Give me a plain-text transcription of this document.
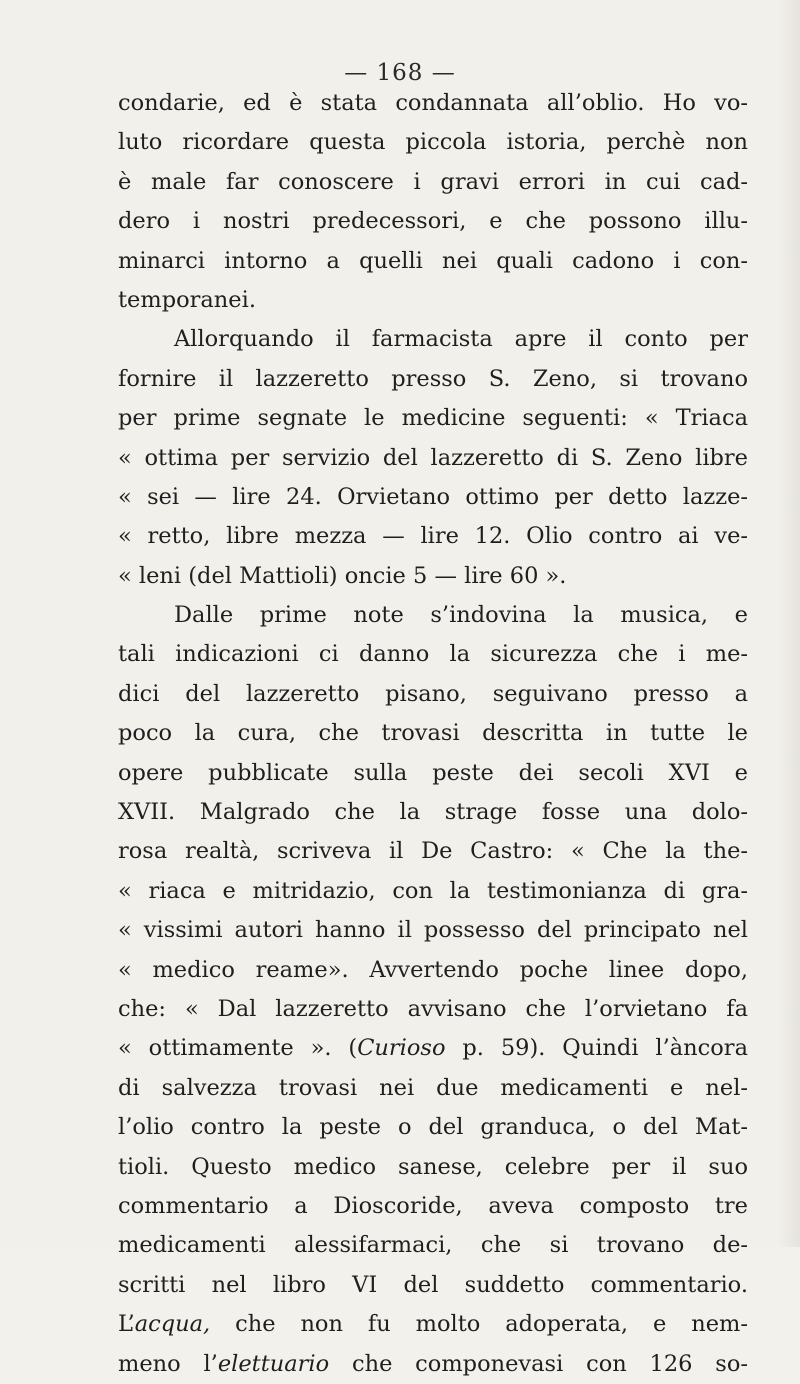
— 168 —
condarie, ed è stata condannata all’oblio. Ho vo-
luto ricordare questa piccola istoria, perchè non
è male far conoscere i gravi errori in cui cad-
dero i nostri predecessori, e che possono illu-
minarci intorno a quelli nei quali cadono i con-
temporanei.
Allorquando il farmacista apre il conto per
fornire il lazzeretto presso S. Zeno, si trovano
per prime segnate le medicine seguenti: « Triaca
« ottima per servizio del lazzeretto di S. Zeno libre
« sei — lire 24. Orvietano ottimo per detto lazze-
« retto, libre mezza — lire 12. Olio contro ai ve-
« leni (del Mattioli) oncie 5 — lire 60 ».
Dalle prime note s’indovina la musica, e
tali indicazioni ci danno la sicurezza che i me-
dici del lazzeretto pisano, seguivano presso a
poco la cura, che trovasi descritta in tutte le
opere pubblicate sulla peste dei secoli XVI e
XVII. Malgrado che la strage fosse una dolo-
rosa realtà, scriveva il De Castro: « Che la the-
« riaca e mitridazio, con la testimonianza di gra-
« vissimi autori hanno il possesso del principato nel
« medico reame». Avvertendo poche linee dopo,
che: « Dal lazzeretto avvisano che l’orvietano fa
« ottimamente ». (Curioso p. 59). Quindi l’àncora
di salvezza trovasi nei due medicamenti e nel-
l’olio contro la peste o del granduca, o del Mat-
tioli. Questo medico sanese, celebre per il suo
commentario a Dioscoride, aveva composto tre
medicamenti alessifarmaci, che si trovano de-
scritti nel libro VI del suddetto commentario.
L’acqua, che non fu molto adoperata, e nem-
meno l’elettuario che componevasi con 126 so-
